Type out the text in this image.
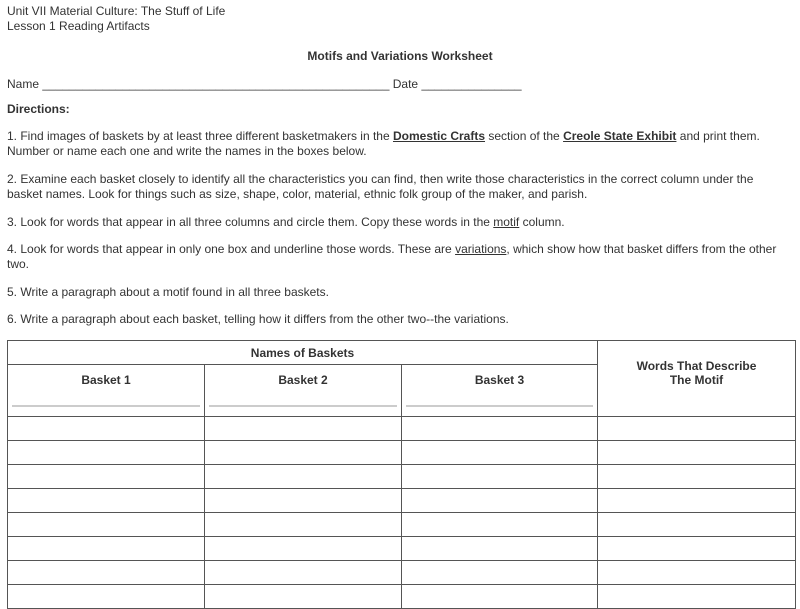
Unit VII Material Culture: The Stuff of Life
Lesson 1 Reading Artifacts
Motifs and Variations Worksheet
Name ____________________________________________________ Date _______________
Directions:
1. Find images of baskets by at least three different basketmakers in the Domestic Crafts section of the Creole State Exhibit and print them. Number or name each one and write the names in the boxes below.
2. Examine each basket closely to identify all the characteristics you can find, then write those characteristics in the correct column under the basket names. Look for things such as size, shape, color, material, ethnic folk group of the maker, and parish.
3. Look for words that appear in all three columns and circle them. Copy these words in the motif column.
4. Look for words that appear in only one box and underline those words. These are variations, which show how that basket differs from the other two.
5. Write a paragraph about a motif found in all three baskets.
6. Write a paragraph about each basket, telling how it differs from the other two--the variations.
Names of Baskets			Words That Describe
The Motif

Basket 1	Basket 2	Basket 3	
